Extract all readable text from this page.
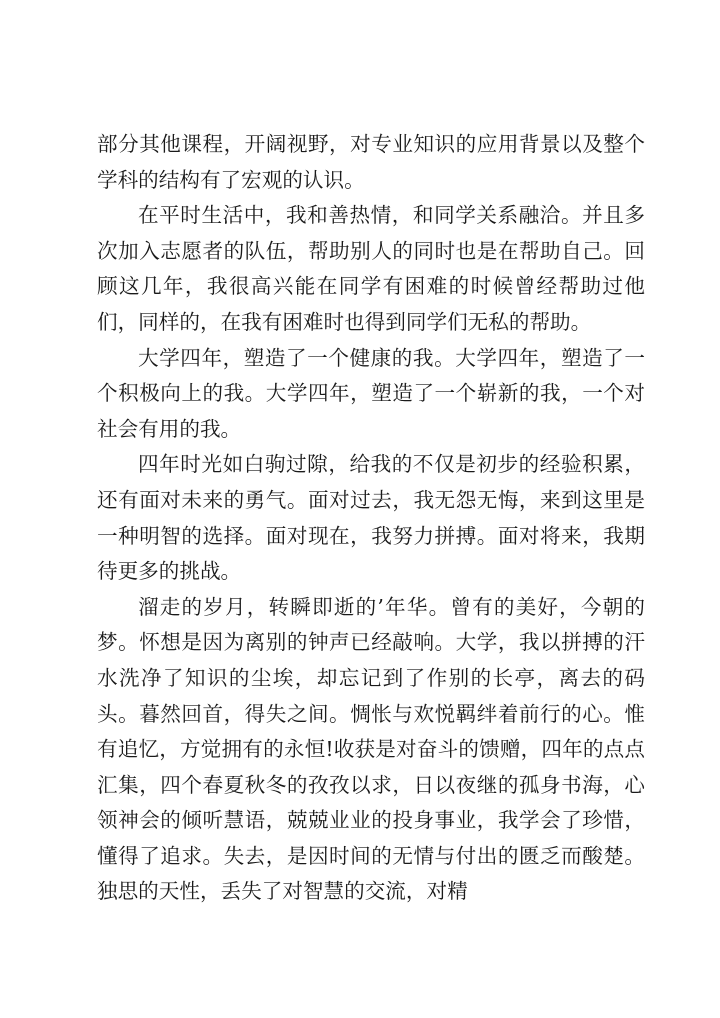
部分其他课程，开阔视野，对专业知识的应用背景以及整个学科的结构有了宏观的认识。

在平时生活中，我和善热情，和同学关系融洽。并且多次加入志愿者的队伍，帮助别人的同时也是在帮助自己。回顾这几年，我很高兴能在同学有困难的时候曾经帮助过他们，同样的，在我有困难时也得到同学们无私的帮助。

大学四年，塑造了一个健康的我。大学四年，塑造了一个积极向上的我。大学四年，塑造了一个崭新的我，一个对社会有用的我。

四年时光如白驹过隙，给我的不仅是初步的经验积累，还有面对未来的勇气。面对过去，我无怨无悔，来到这里是一种明智的选择。面对现在，我努力拼搏。面对将来，我期待更多的挑战。

溜走的岁月，转瞬即逝的’年华。曾有的美好，今朝的梦。怀想是因为离别的钟声已经敲响。大学，我以拼搏的汗水洗净了知识的尘埃，却忘记到了作别的长亭，离去的码头。暮然回首，得失之间。惆怅与欢悦羁绊着前行的心。惟有追忆，方觉拥有的永恒!收获是对奋斗的馈赠，四年的点点汇集，四个春夏秋冬的孜孜以求，日以夜继的孤身书海，心领神会的倾听慧语，兢兢业业的投身事业，我学会了珍惜，懂得了追求。失去，是因时间的无情与付出的匮乏而酸楚。独思的天性，丢失了对智慧的交流，对精
